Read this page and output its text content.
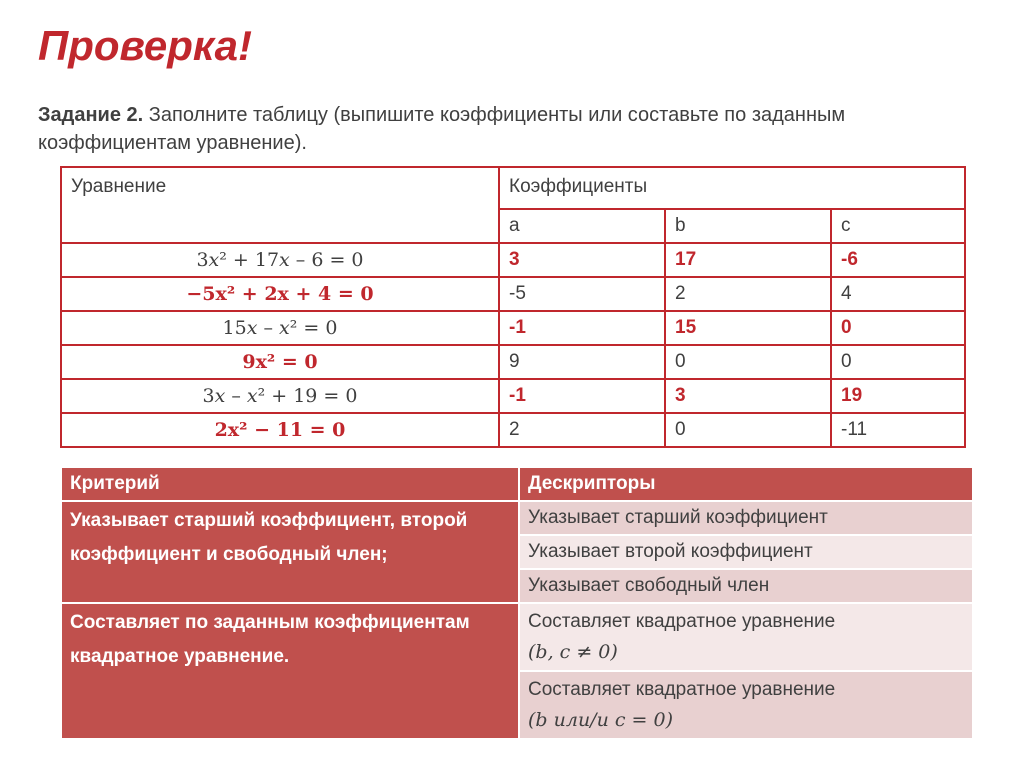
Проверка!
Задание 2. Заполните таблицу (выпишите коэффициенты или составьте по заданным коэффициентам уравнение).
Уравнение	Коэффициенты		
	a	b	c
3𝑥² + 17𝑥 – 6 = 0	3	17	-6
−5x² + 2x + 4 = 0	-5	2	4
15𝑥 – 𝑥² = 0	-1	15	0
9x² = 0	9	0	0
3𝑥 – 𝑥² + 19 = 0	-1	3	19
2x² − 11 = 0	2	0	-11
Критерий	Дескрипторы
Указывает старший коэффициент, второй коэффициент и свободный член;	Указывает старший коэффициент
	Указывает второй коэффициент
	Указывает свободный член
Составляет по заданным коэффициентам квадратное уравнение.	Составляет квадратное уравнение
(𝑏, 𝑐 ≠ 0)

	Составляет квадратное уравнение
(𝑏 или/и 𝑐 = 0)
